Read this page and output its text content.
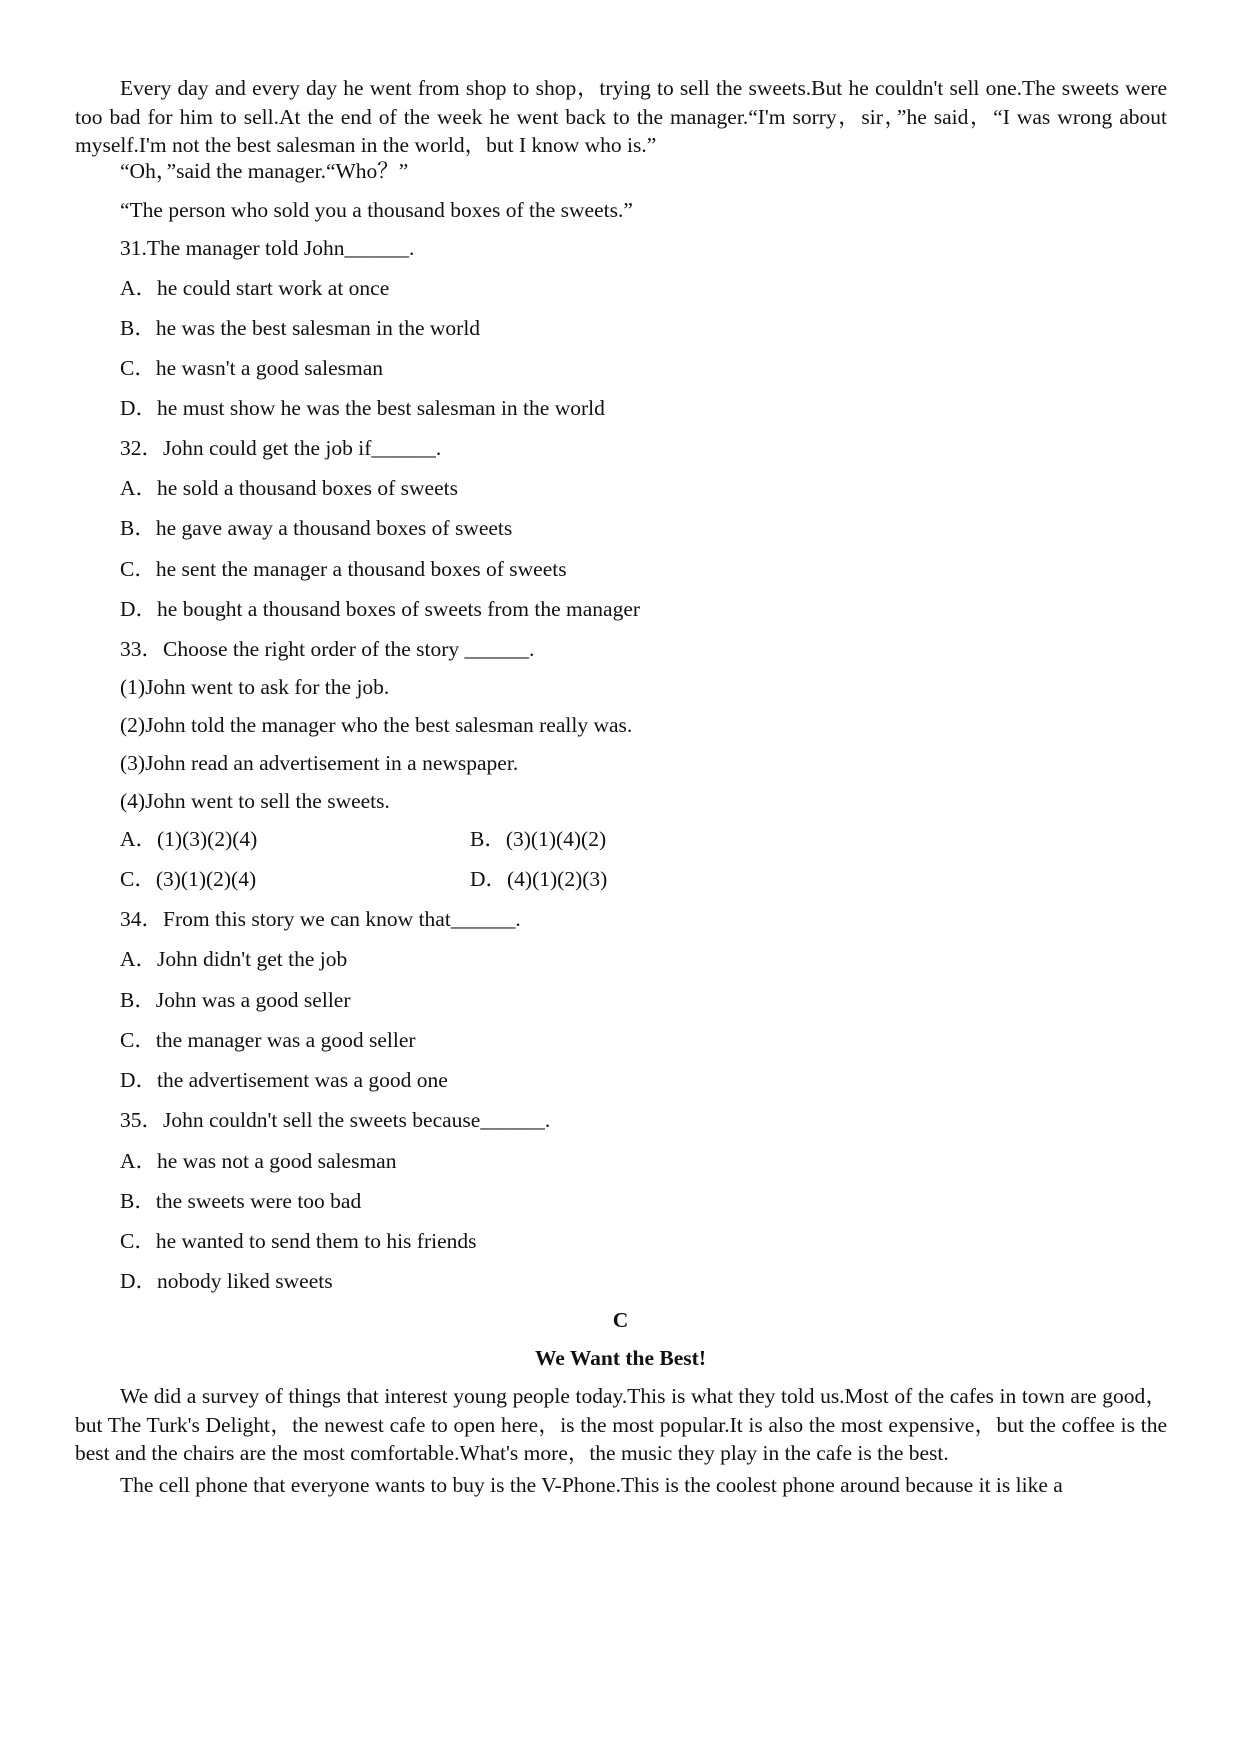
Every day and every day he went from shop to shop，trying to sell the sweets.But he couldn't sell one.The sweets were too bad for him to sell.At the end of the week he went back to the manager.“I'm sorry，sir，”he said，“I was wrong about myself.I'm not the best salesman in the world，but I know who is.”

“Oh，”said the manager.“Who？”

“The person who sold you a thousand boxes of the sweets.”

31.The manager told John______.

A．he could start work at once

B．he was the best salesman in the world

C．he wasn't a good salesman

D．he must show he was the best salesman in the world

32．John could get the job if______.

A．he sold a thousand boxes of sweets

B．he gave away a thousand boxes of sweets

C．he sent the manager a thousand boxes of sweets

D．he bought a thousand boxes of sweets from the manager

33．Choose the right order of the story ______.

(1)John went to ask for the job.

(2)John told the manager who the best salesman really was.

(3)John read an advertisement in a newspaper.

(4)John went to sell the sweets.

A．(1)(3)(2)(4)	B．(3)(1)(4)(2)

C．(3)(1)(2)(4)	D．(4)(1)(2)(3)

34．From this story we can know that______.

A．John didn't get the job

B．John was a good seller

C．the manager was a good seller

D．the advertisement was a good one

35．John couldn't sell the sweets because______.

A．he was not a good salesman

B．the sweets were too bad

C．he wanted to send them to his friends

D．nobody liked sweets

C

We Want the Best!

We did a survey of things that interest young people today.This is what they told us.Most of the cafes in town are good，but The Turk's Delight，the newest cafe to open here，is the most popular.It is also the most expensive，but the coffee is the best and the chairs are the most comfortable.What's more，the music they play in the cafe is the best.

The cell phone that everyone wants to buy is the V-Phone.This is the coolest phone around because it is like a
